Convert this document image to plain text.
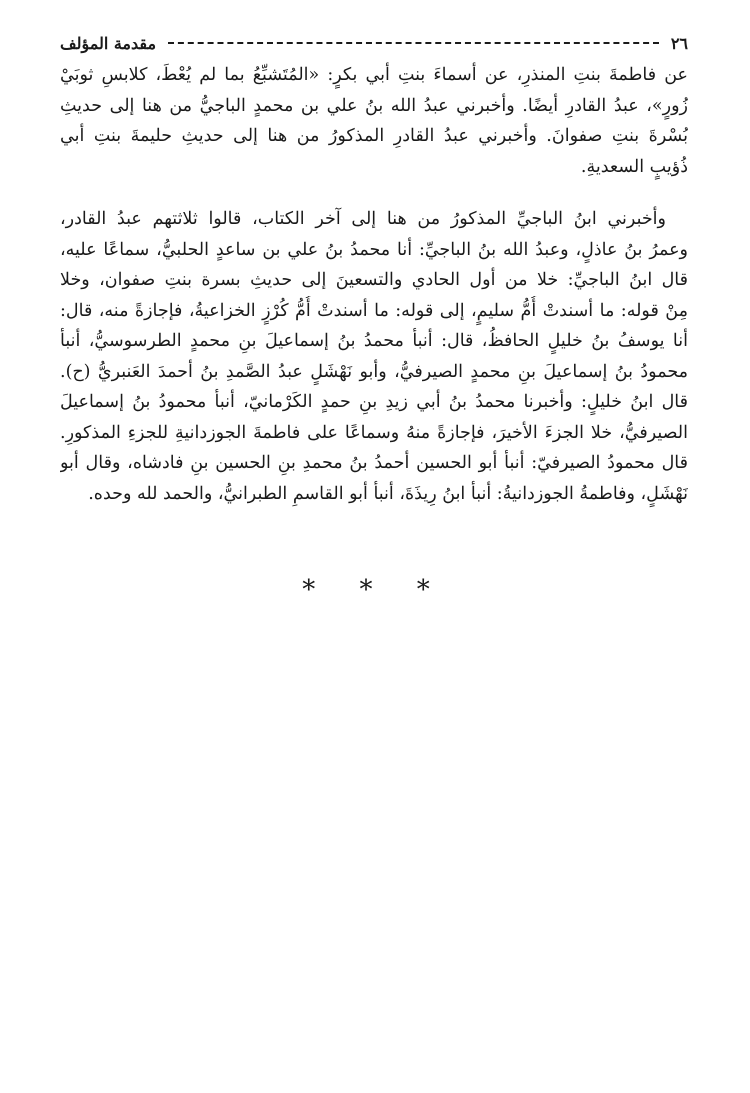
٢٦
مقدمة المؤلف
عن فاطمةَ بنتِ المنذرِ، عن أسماءَ بنتِ أبي بكرٍ: «المُتَشبِّعُ بما لم يُعْطَ، كلابسِ ثوبَيْ
زُورٍ»، عبدُ القادرِ أيضًا. وأخبرني عبدُ الله بنُ علي بن محمدٍ الباجيُّ من هنا إلى حديثِ
بُسْرةَ بنتِ صفوانَ. وأخبرني عبدُ القادرِ المذكورُ من هنا إلى حديثِ حليمةَ بنتِ أبي
ذُؤيبٍ السعديةِ.
وأخبرني ابنُ الباجيِّ المذكورُ من هنا إلى آخر الكتاب، قالوا ثلاثتهم عبدُ القادر،
وعمرُ بنُ عاذلٍ، وعبدُ الله بنُ الباجيِّ: أنا محمدُ بنُ علي بن ساعدٍ الحلبيُّ، سماعًا عليه،
قال ابنُ الباجيِّ: خلا من أول الحادي والتسعينَ إلى حديثِ بسرة بنتِ صفوان، وخلا
مِنْ قوله: ما أسندتْ أُمُّ سليمٍ، إلى قوله: ما أسندتْ أُمُّ كُرْزٍ الخزاعيةُ، فإجازةً منه، قال:
أنا يوسفُ بنُ خليلٍ الحافظُ، قال: أنبأ محمدُ بنُ إسماعيلَ بنِ محمدٍ الطرسوسيُّ، أنبأ
محمودُ بنُ إسماعيلَ بنِ محمدٍ الصيرفيُّ، وأبو نَهْشَلٍ عبدُ الصَّمدِ بنُ أحمدَ العَنبريُّ (ح).
قال ابنُ خليلٍ: وأخبرنا محمدُ بنُ أبي زيدِ بنِ حمدٍ الكَرْمانيّ، أنبأ محمودُ بنُ إسماعيلَ
الصيرفيُّ، خلا الجزءَ الأخيرَ، فإجازةً منهُ وسماعًا على فاطمةَ الجوزدانيةِ للجزءِ المذكورِ.
قال محمودُ الصيرفيّ: أنبأ أبو الحسين أحمدُ بنُ محمدِ بنِ الحسين بنِ فادشاه، وقال أبو
نَهْشَلٍ، وفاطمةُ الجوزدانيةُ: أنبأ ابنُ رِيذَةَ، أنبأ أبو القاسمِ الطبرانيُّ، والحمد لله وحده.
* * *
